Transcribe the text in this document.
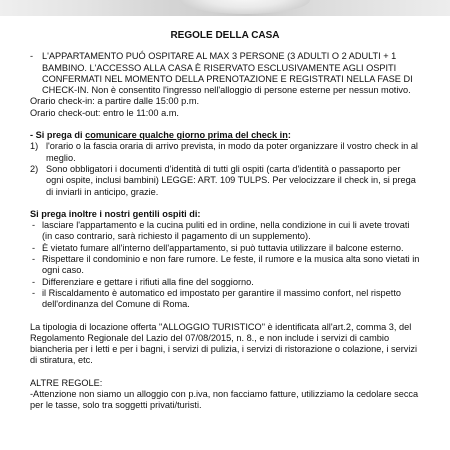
REGOLE DELLA CASA

- L'APPARTAMENTO PUÓ OSPITARE AL MAX 3 PERSONE (3 ADULTI O 2 ADULTI + 1 BAMBINO. L'ACCESSO ALLA CASA È RISERVATO ESCLUSIVAMENTE AGLI OSPITI CONFERMATI NEL MOMENTO DELLA PRENOTAZIONE E REGISTRATI NELLA FASE DI CHECK-IN. Non è consentito l'ingresso nell'alloggio di persone esterne per nessun motivo.

Orario check-in: a partire dalle 15:00 p.m.

Orario check-out: entro le 11:00 a.m.

- Si prega di comunicare qualche giorno prima del check in:

1) l'orario o la fascia oraria di arrivo prevista, in modo da poter organizzare il vostro check in al meglio.

2) Sono obbligatori i documenti d'identità di tutti gli ospiti (carta d'identità o passaporto per ogni ospite, inclusi bambini) LEGGE: ART. 109 TULPS. Per velocizzare il check in, si prega di inviarli in anticipo, grazie.

Si prega inoltre i nostri gentili ospiti di:

- lasciare l'appartamento e la cucina puliti ed in ordine, nella condizione in cui li avete trovati (in caso contrario, sarà richiesto il pagamento di un supplemento).

- È vietato fumare all'interno dell'appartamento, si può tuttavia utilizzare il balcone esterno.

- Rispettare il condominio e non fare rumore. Le feste, il rumore e la musica alta sono vietati in ogni caso.

- Differenziare e gettare i rifiuti alla fine del soggiorno.

- il Riscaldamento è automatico ed impostato per garantire il massimo confort, nel rispetto dell'ordinanza del Comune di Roma.

La tipologia di locazione offerta "ALLOGGIO TURISTICO" è identificata all'art.2, comma 3, del Regolamento Regionale del Lazio del 07/08/2015, n. 8., e non include i servizi di cambio biancheria per i letti e per i bagni, i servizi di pulizia, i servizi di ristorazione o colazione, i servizi di stiratura, etc.

ALTRE REGOLE:

-Attenzione non siamo un alloggio con p.iva, non facciamo fatture, utilizziamo la cedolare secca per le tasse, solo tra soggetti privati/turisti.
